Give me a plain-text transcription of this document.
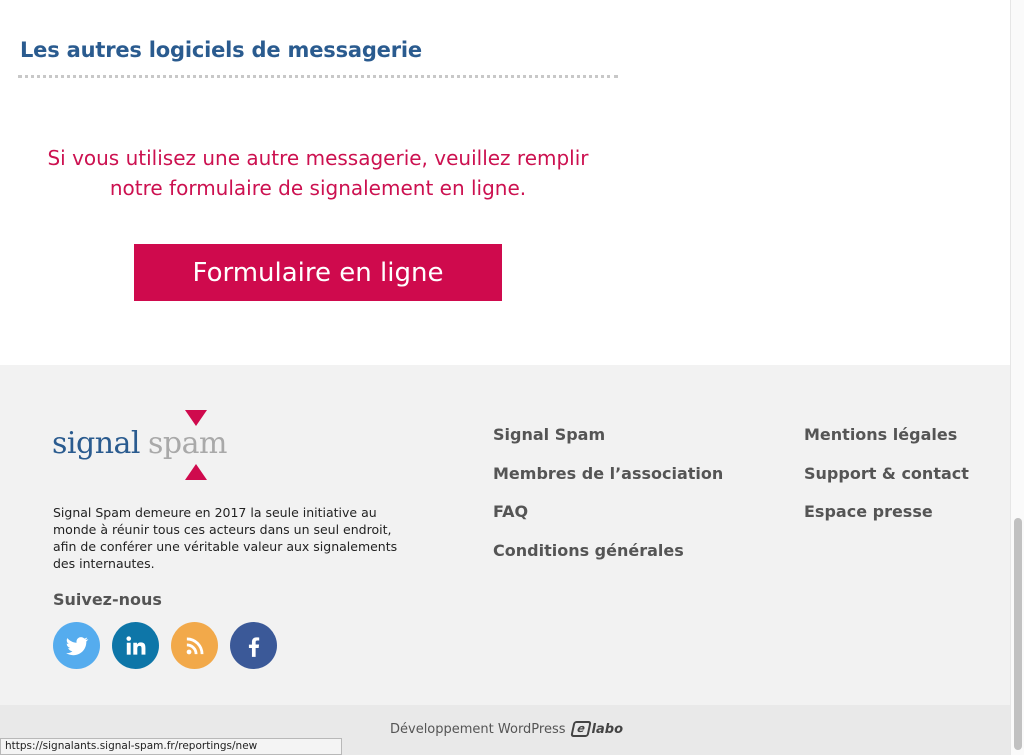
Les autres logiciels de messagerie

Si vous utilisez une autre messagerie, veuillez remplir
notre formulaire de signalement en ligne.

Formulaire en ligne
signal spam

Signal Spam demeure en 2017 la seule initiative au monde à réunir tous ces acteurs dans un seul endroit, afin de conférer une véritable valeur aux signalements des internautes.

Suivez-nous
Signal Spam
Membres de l’association
FAQ
Conditions générales
Mentions légales
Support & contact
Espace presse
Développement WordPress e labo
https://signalants.signal-spam.fr/reportings/new
